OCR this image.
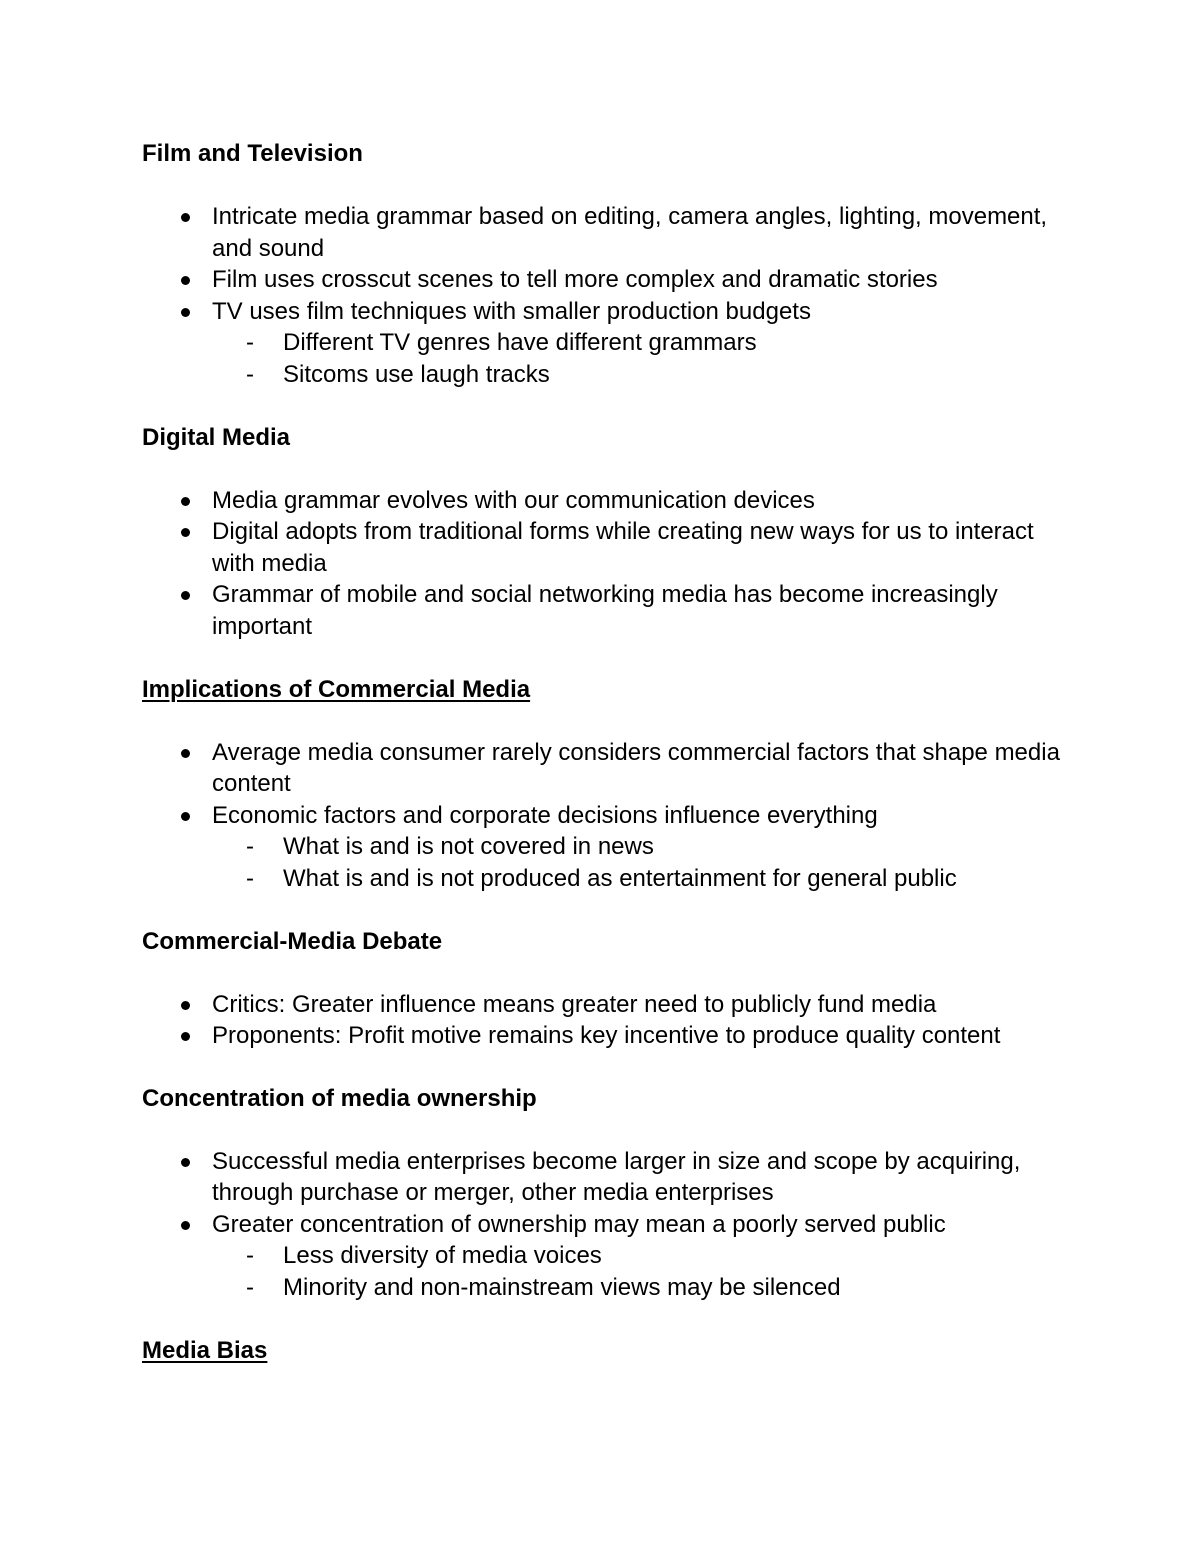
Film and Television
Intricate media grammar based on editing, camera angles, lighting, movement, and sound
Film uses crosscut scenes to tell more complex and dramatic stories
TV uses film techniques with smaller production budgets
- Different TV genres have different grammars
- Sitcoms use laugh tracks
Digital Media
Media grammar evolves with our communication devices
Digital adopts from traditional forms while creating new ways for us to interact with media
Grammar of mobile and social networking media has become increasingly important
Implications of Commercial Media
Average media consumer rarely considers commercial factors that shape media content
Economic factors and corporate decisions influence everything
- What is and is not covered in news
- What is and is not produced as entertainment for general public
Commercial-Media Debate
Critics: Greater influence means greater need to publicly fund media
Proponents: Profit motive remains key incentive to produce quality content
Concentration of media ownership
Successful media enterprises become larger in size and scope by acquiring, through purchase or merger, other media enterprises
Greater concentration of ownership may mean a poorly served public
- Less diversity of media voices
- Minority and non-mainstream views may be silenced
Media Bias
